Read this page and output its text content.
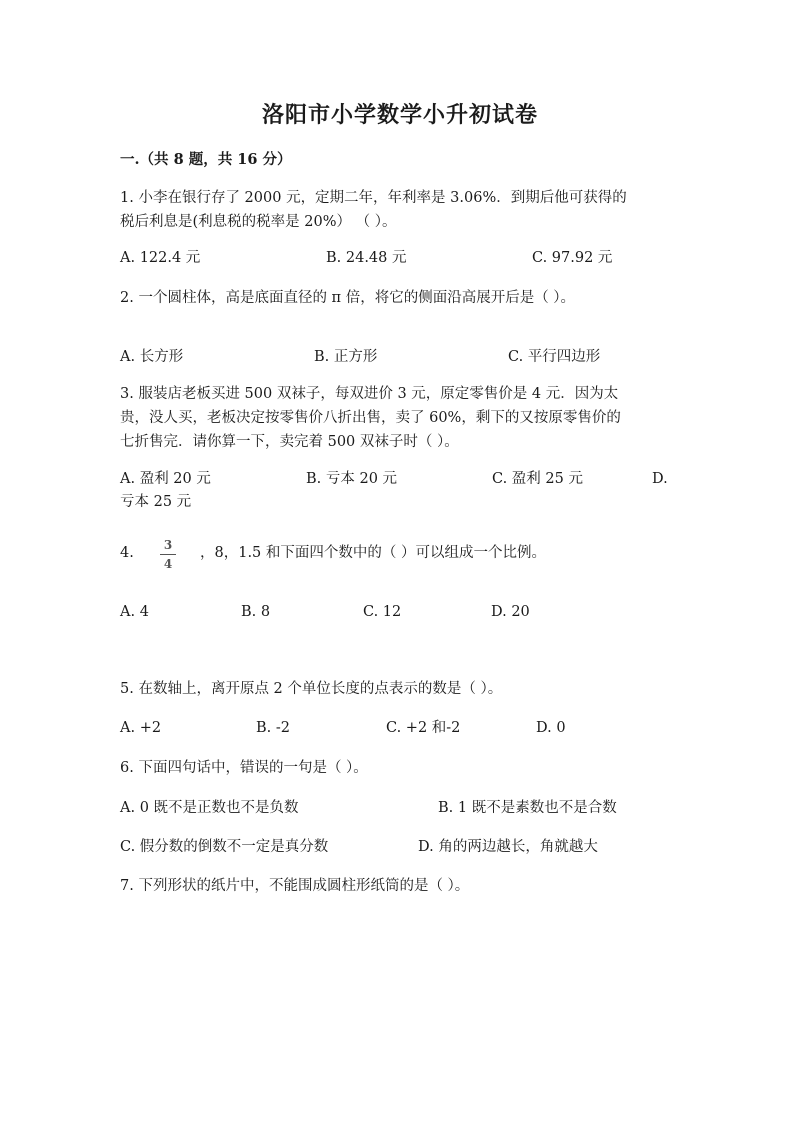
洛阳市小学数学小升初试卷
一.（共 8 题，共 16 分）
1. 小李在银行存了 2000 元，定期二年，年利率是 3.06%．到期后他可获得的
税后利息是(利息税的税率是 20%） （ ）。
A. 122.4 元	B. 24.48 元	C. 97.92 元
2. 一个圆柱体，高是底面直径的 π 倍，将它的侧面沿高展开后是（ ）。
A. 长方形	B. 正方形	C. 平行四边形
3. 服装店老板买进 500 双袜子，每双进价 3 元，原定零售价是 4 元．因为太
贵，没人买，老板决定按零售价八折出售，卖了 60%，剩下的又按原零售价的
七折售完．请你算一下，卖完着 500 双袜子时（ ）。
A. 盈利 20 元	B. 亏本 20 元	C. 盈利 25 元	D.
亏本 25 元
4.	3
4
，8，1.5 和下面四个数中的（ ）可以组成一个比例。
A. 4	B. 8	C. 12	D. 20
5. 在数轴上，离开原点 2 个单位长度的点表示的数是（ ）。
A. +2	B. -2	C. +2 和-2	D. 0
6. 下面四句话中，错误的一句是（ ）。
A. 0 既不是正数也不是负数	B. 1 既不是素数也不是合数
C. 假分数的倒数不一定是真分数	D. 角的两边越长，角就越大
7. 下列形状的纸片中，不能围成圆柱形纸筒的是（ ）。
